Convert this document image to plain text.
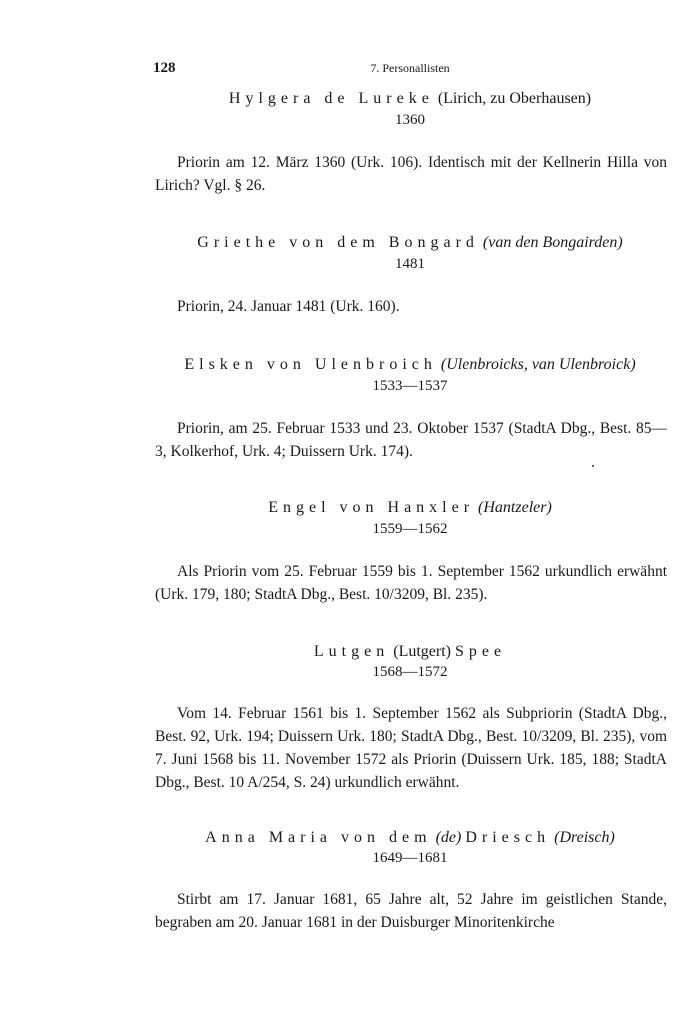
128	7. Personallisten
Hylgera de Lureke (Lirich, zu Oberhausen)
1360

Priorin am 12. März 1360 (Urk. 106). Identisch mit der Kellnerin Hilla von Lirich? Vgl. § 26.

Griethe von dem Bongard (van den Bongairden)
1481

Priorin, 24. Januar 1481 (Urk. 160).

Elsken von Ulenbroich (Ulenbroicks, van Ulenbroick)
1533—1537

Priorin, am 25. Februar 1533 und 23. Oktober 1537 (StadtA Dbg., Best. 85—3, Kolkerhof, Urk. 4; Duissern Urk. 174).

Engel von Hanxler (Hantzeler)
1559—1562

Als Priorin vom 25. Februar 1559 bis 1. September 1562 urkundlich erwähnt (Urk. 179, 180; StadtA Dbg., Best. 10/3209, Bl. 235).

Lutgen (Lutgert) Spee
1568—1572

Vom 14. Februar 1561 bis 1. September 1562 als Subpriorin (StadtA Dbg., Best. 92, Urk. 194; Duissern Urk. 180; StadtA Dbg., Best. 10/3209, Bl. 235), vom 7. Juni 1568 bis 11. November 1572 als Priorin (Duissern Urk. 185, 188; StadtA Dbg., Best. 10 A/254, S. 24) urkundlich erwähnt.

Anna Maria von dem (de) Driesch (Dreisch)
1649—1681

Stirbt am 17. Januar 1681, 65 Jahre alt, 52 Jahre im geistlichen Stande, begraben am 20. Januar 1681 in der Duisburger Minoritenkirche
